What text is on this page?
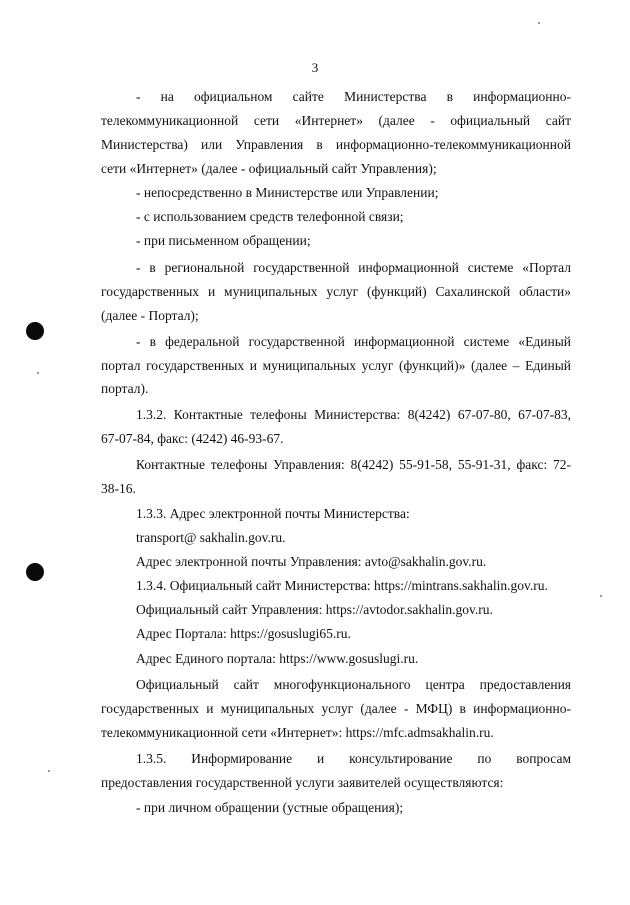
3
- на официальном сайте Министерства в информационно-
телекоммуникационной сети «Интернет» (далее - официальный сайт
Министерства) или Управления в информационно-телекоммуникационной
сети «Интернет» (далее - официальный сайт Управления);
- непосредственно в Министерстве или Управлении;
- с использованием средств телефонной связи;
- при письменном обращении;
- в региональной государственной информационной системе «Портал
государственных и муниципальных услуг (функций) Сахалинской области»
(далее - Портал);
- в федеральной государственной информационной системе «Единый
портал государственных и муниципальных услуг (функций)» (далее – Единый
портал).
1.3.2. Контактные телефоны Министерства: 8(4242) 67-07-80, 67-07-83,
67-07-84, факс: (4242) 46-93-67.
Контактные телефоны Управления: 8(4242) 55-91-58, 55-91-31, факс: 72-
38-16.
1.3.3. Адрес электронной почты Министерства:
transport@ sakhalin.gov.ru.
Адрес электронной почты Управления: avto@sakhalin.gov.ru.
1.3.4. Официальный сайт Министерства: https://mintrans.sakhalin.gov.ru.
Официальный сайт Управления: https://avtodor.sakhalin.gov.ru.
Адрес Портала: https://gosuslugi65.ru.
Адрес Единого портала: https://www.gosuslugi.ru.
Официальный сайт многофункционального центра предоставления
государственных и муниципальных услуг (далее - МФЦ) в информационно-
телекоммуникационной сети «Интернет»: https://mfc.admsakhalin.ru.
1.3.5. Информирование и консультирование по вопросам
предоставления государственной услуги заявителей осуществляются:
- при личном обращении (устные обращения);
